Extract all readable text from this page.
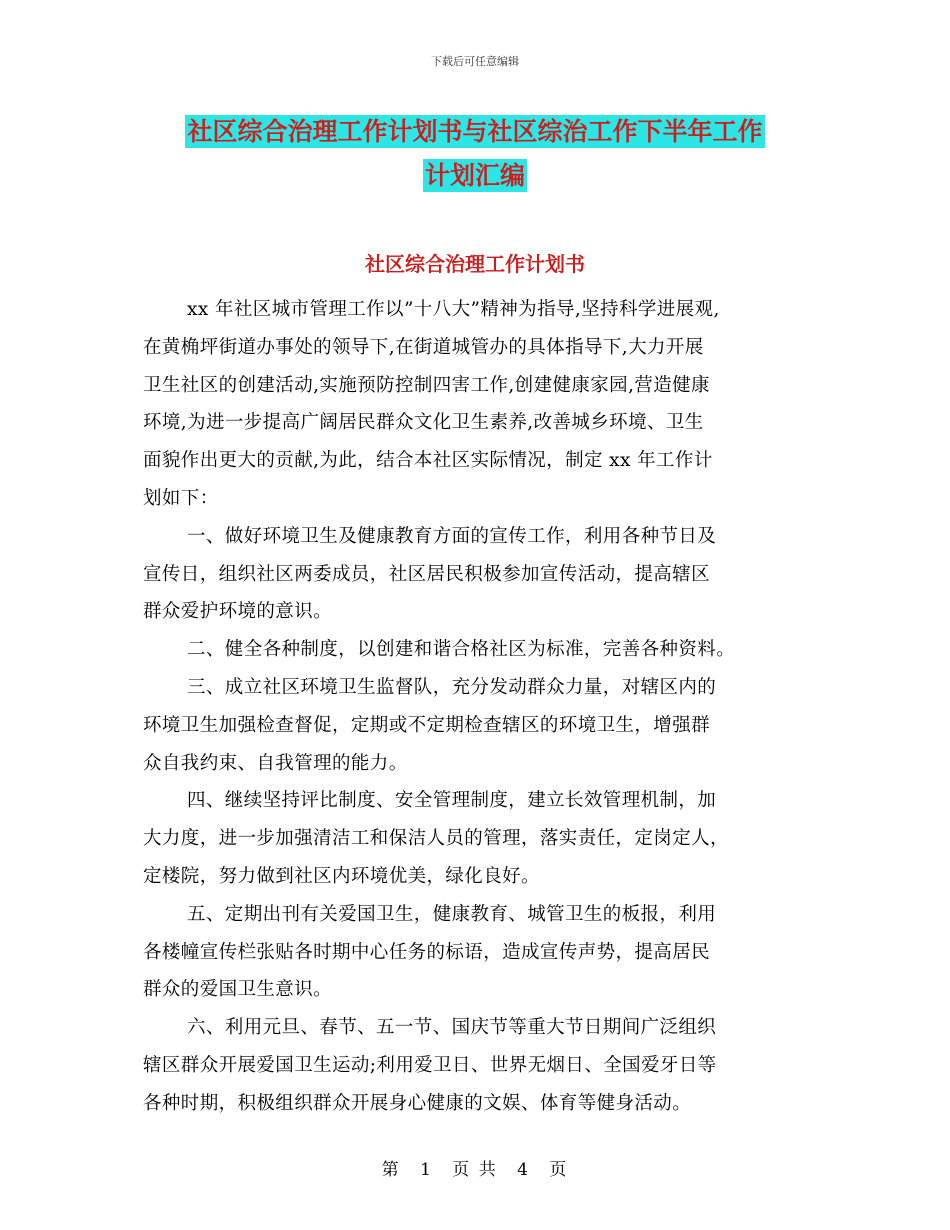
下载后可任意编辑
社区综合治理工作计划书与社区综治工作下半年工作
计划汇编
社区综合治理工作计划书
xx 年社区城市管理工作以”十八大”精神为指导,坚持科学进展观,
在黄桷坪街道办事处的领导下,在街道城管办的具体指导下,大力开展
卫生社区的创建活动,实施预防控制四害工作,创建健康家园,营造健康
环境,为进一步提高广阔居民群众文化卫生素养,改善城乡环境、卫生
面貌作出更大的贡献,为此，结合本社区实际情况，制定 xx 年工作计
划如下：
一、做好环境卫生及健康教育方面的宣传工作，利用各种节日及
宣传日，组织社区两委成员，社区居民积极参加宣传活动，提高辖区
群众爱护环境的意识。
二、健全各种制度，以创建和谐合格社区为标准，完善各种资料。
三、成立社区环境卫生监督队，充分发动群众力量，对辖区内的
环境卫生加强检查督促，定期或不定期检查辖区的环境卫生，增强群
众自我约束、自我管理的能力。
四、继续坚持评比制度、安全管理制度，建立长效管理机制，加
大力度，进一步加强清洁工和保洁人员的管理，落实责任，定岗定人，
定楼院，努力做到社区内环境优美，绿化良好。
五、定期出刊有关爱国卫生，健康教育、城管卫生的板报，利用
各楼幢宣传栏张贴各时期中心任务的标语，造成宣传声势，提高居民
群众的爱国卫生意识。
六、利用元旦、春节、五一节、国庆节等重大节日期间广泛组织
辖区群众开展爱国卫生运动;利用爱卫日、世界无烟日、全国爱牙日等
各种时期，积极组织群众开展身心健康的文娱、体育等健身活动。
第 1 页 共 4 页
